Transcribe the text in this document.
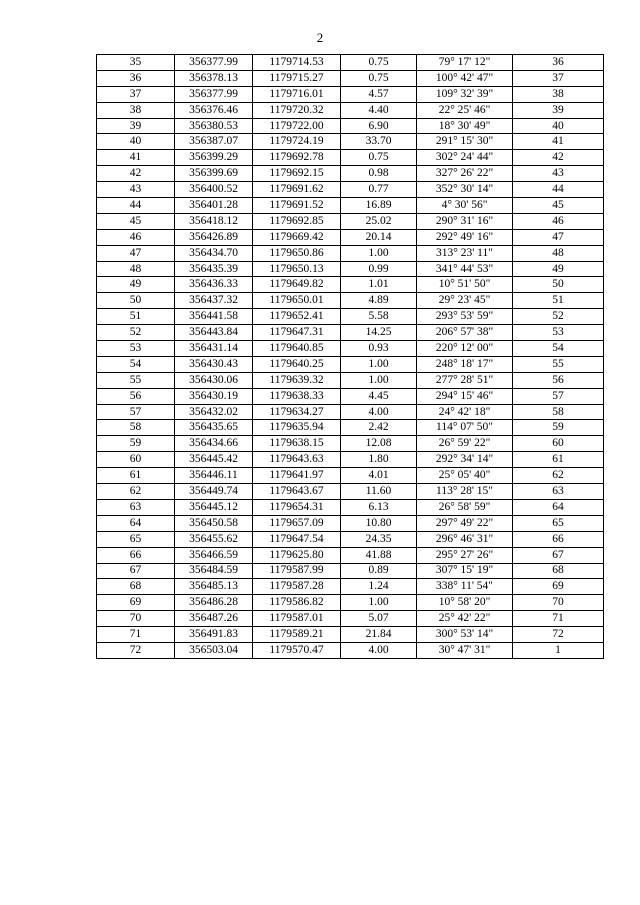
2
35	356377.99	1179714.53	0.75	79° 17' 12"	36
36	356378.13	1179715.27	0.75	100° 42' 47"	37
37	356377.99	1179716.01	4.57	109° 32' 39"	38
38	356376.46	1179720.32	4.40	22° 25' 46"	39
39	356380.53	1179722.00	6.90	18° 30' 49"	40
40	356387.07	1179724.19	33.70	291° 15' 30"	41
41	356399.29	1179692.78	0.75	302° 24' 44"	42
42	356399.69	1179692.15	0.98	327° 26' 22"	43
43	356400.52	1179691.62	0.77	352° 30' 14"	44
44	356401.28	1179691.52	16.89	4° 30' 56"	45
45	356418.12	1179692.85	25.02	290° 31' 16"	46
46	356426.89	1179669.42	20.14	292° 49' 16"	47
47	356434.70	1179650.86	1.00	313° 23' 11"	48
48	356435.39	1179650.13	0.99	341° 44' 53"	49
49	356436.33	1179649.82	1.01	10° 51' 50"	50
50	356437.32	1179650.01	4.89	29° 23' 45"	51
51	356441.58	1179652.41	5.58	293° 53' 59"	52
52	356443.84	1179647.31	14.25	206° 57' 38"	53
53	356431.14	1179640.85	0.93	220° 12' 00"	54
54	356430.43	1179640.25	1.00	248° 18' 17"	55
55	356430.06	1179639.32	1.00	277° 28' 51"	56
56	356430.19	1179638.33	4.45	294° 15' 46"	57
57	356432.02	1179634.27	4.00	24° 42' 18"	58
58	356435.65	1179635.94	2.42	114° 07' 50"	59
59	356434.66	1179638.15	12.08	26° 59' 22"	60
60	356445.42	1179643.63	1.80	292° 34' 14"	61
61	356446.11	1179641.97	4.01	25° 05' 40"	62
62	356449.74	1179643.67	11.60	113° 28' 15"	63
63	356445.12	1179654.31	6.13	26° 58' 59"	64
64	356450.58	1179657.09	10.80	297° 49' 22"	65
65	356455.62	1179647.54	24.35	296° 46' 31"	66
66	356466.59	1179625.80	41.88	295° 27' 26"	67
67	356484.59	1179587.99	0.89	307° 15' 19"	68
68	356485.13	1179587.28	1.24	338° 11' 54"	69
69	356486.28	1179586.82	1.00	10° 58' 20"	70
70	356487.26	1179587.01	5.07	25° 42' 22"	71
71	356491.83	1179589.21	21.84	300° 53' 14"	72
72	356503.04	1179570.47	4.00	30° 47' 31"	1
